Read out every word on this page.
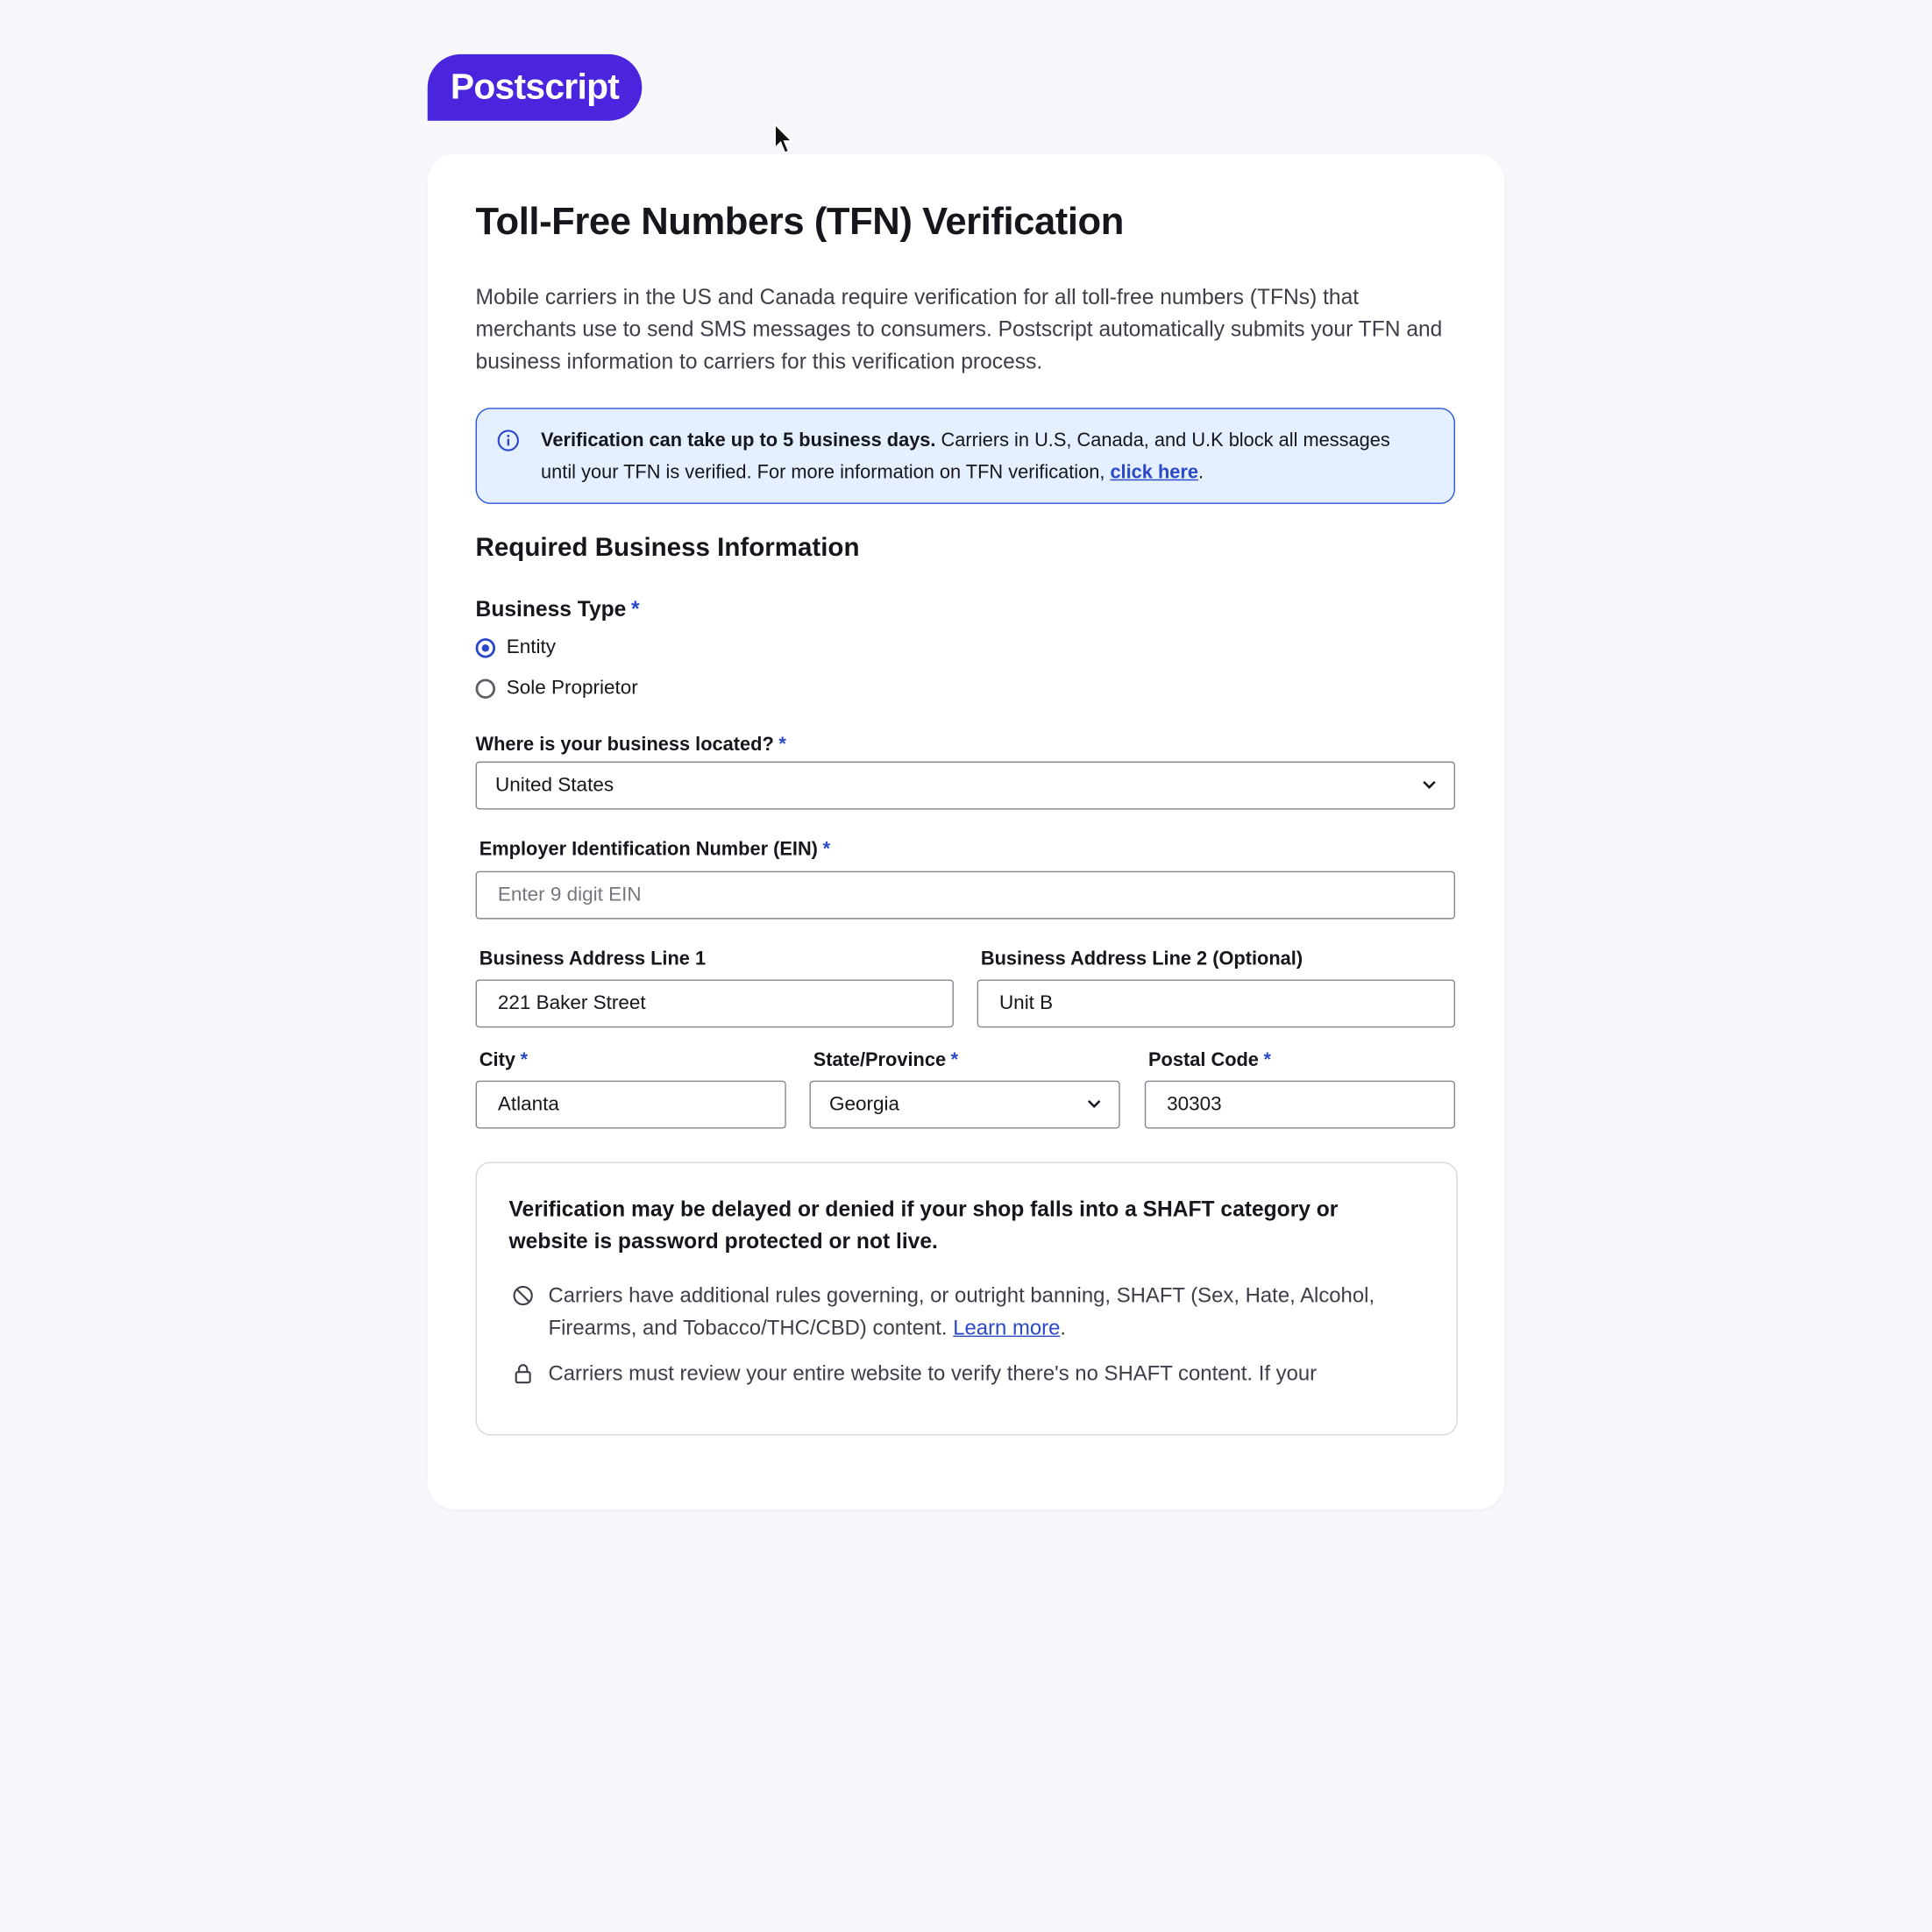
Postscript
Toll-Free Numbers (TFN) Verification

Mobile carriers in the US and Canada require verification for all toll-free numbers (TFNs) that merchants use to send SMS messages to consumers. Postscript automatically submits your TFN and business information to carriers for this verification process.

Verification can take up to 5 business days. Carriers in U.S, Canada, and U.K block all messages until your TFN is verified. For more information on TFN verification, click here.
Required Business Information
Business Type *
Entity
Sole Proprietor
Where is your business located? *
United States
Employer Identification Number (EIN) *
Enter 9 digit EIN
Business Address Line 1
221 Baker Street	Business Address Line 2 (Optional)
Unit B
City *
Atlanta	State/Province *
Georgia
Postal Code *
30303

Verification may be delayed or denied if your shop falls into a SHAFT category or website is password protected or not live.

Carriers have additional rules governing, or outright banning, SHAFT (Sex, Hate, Alcohol, Firearms, and Tobacco/THC/CBD) content. Learn more.
Carriers must review your entire website to verify there's no SHAFT content. If your
